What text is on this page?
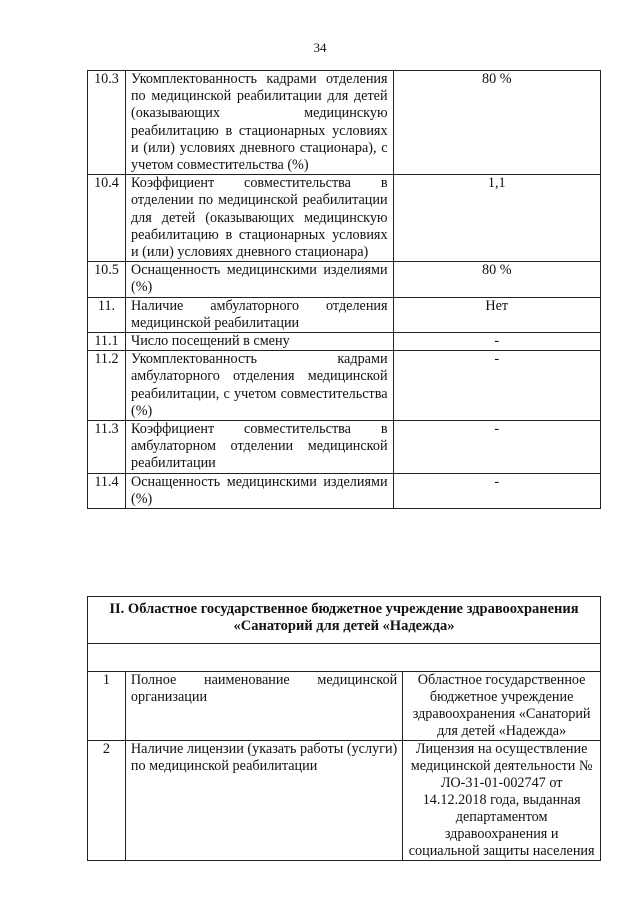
34
10.3	Укомплектованность кадрами отделения по медицинской реабилитации для детей (оказывающих медицинскую реабилитацию в стационарных условиях и (или) условиях дневного стационара), с учетом совместительства (%)	80 %
10.4	Коэффициент совместительства в отделении по медицинской реабилитации для детей (оказывающих медицинскую реабилитацию в стационарных условиях и (или) условиях дневного стационара)	1,1
10.5	Оснащенность медицинскими изделиями (%)	80 %
11.	Наличие амбулаторного отделения медицинской реабилитации	Нет
11.1	Число посещений в смену	-
11.2	Укомплектованность кадрами амбулаторного отделения медицинской реабилитации, с учетом совместительства (%)	-
11.3	Коэффициент совместительства в амбулаторном отделении медицинской реабилитации	-
11.4	Оснащенность медицинскими изделиями (%)	-
II. Областное государственное бюджетное учреждение здравоохранения «Санаторий для детей «Надежда»		

1	Полное наименование медицинской организации	Областное государственное бюджетное учреждение здравоохранения «Санаторий для детей «Надежда»
2	Наличие лицензии (указать работы (услуги) по медицинской реабилитации	Лицензия на осуществление медицинской деятельности № ЛО-31-01-002747 от 14.12.2018 года, выданная департаментом здравоохранения и социальной защиты населения
